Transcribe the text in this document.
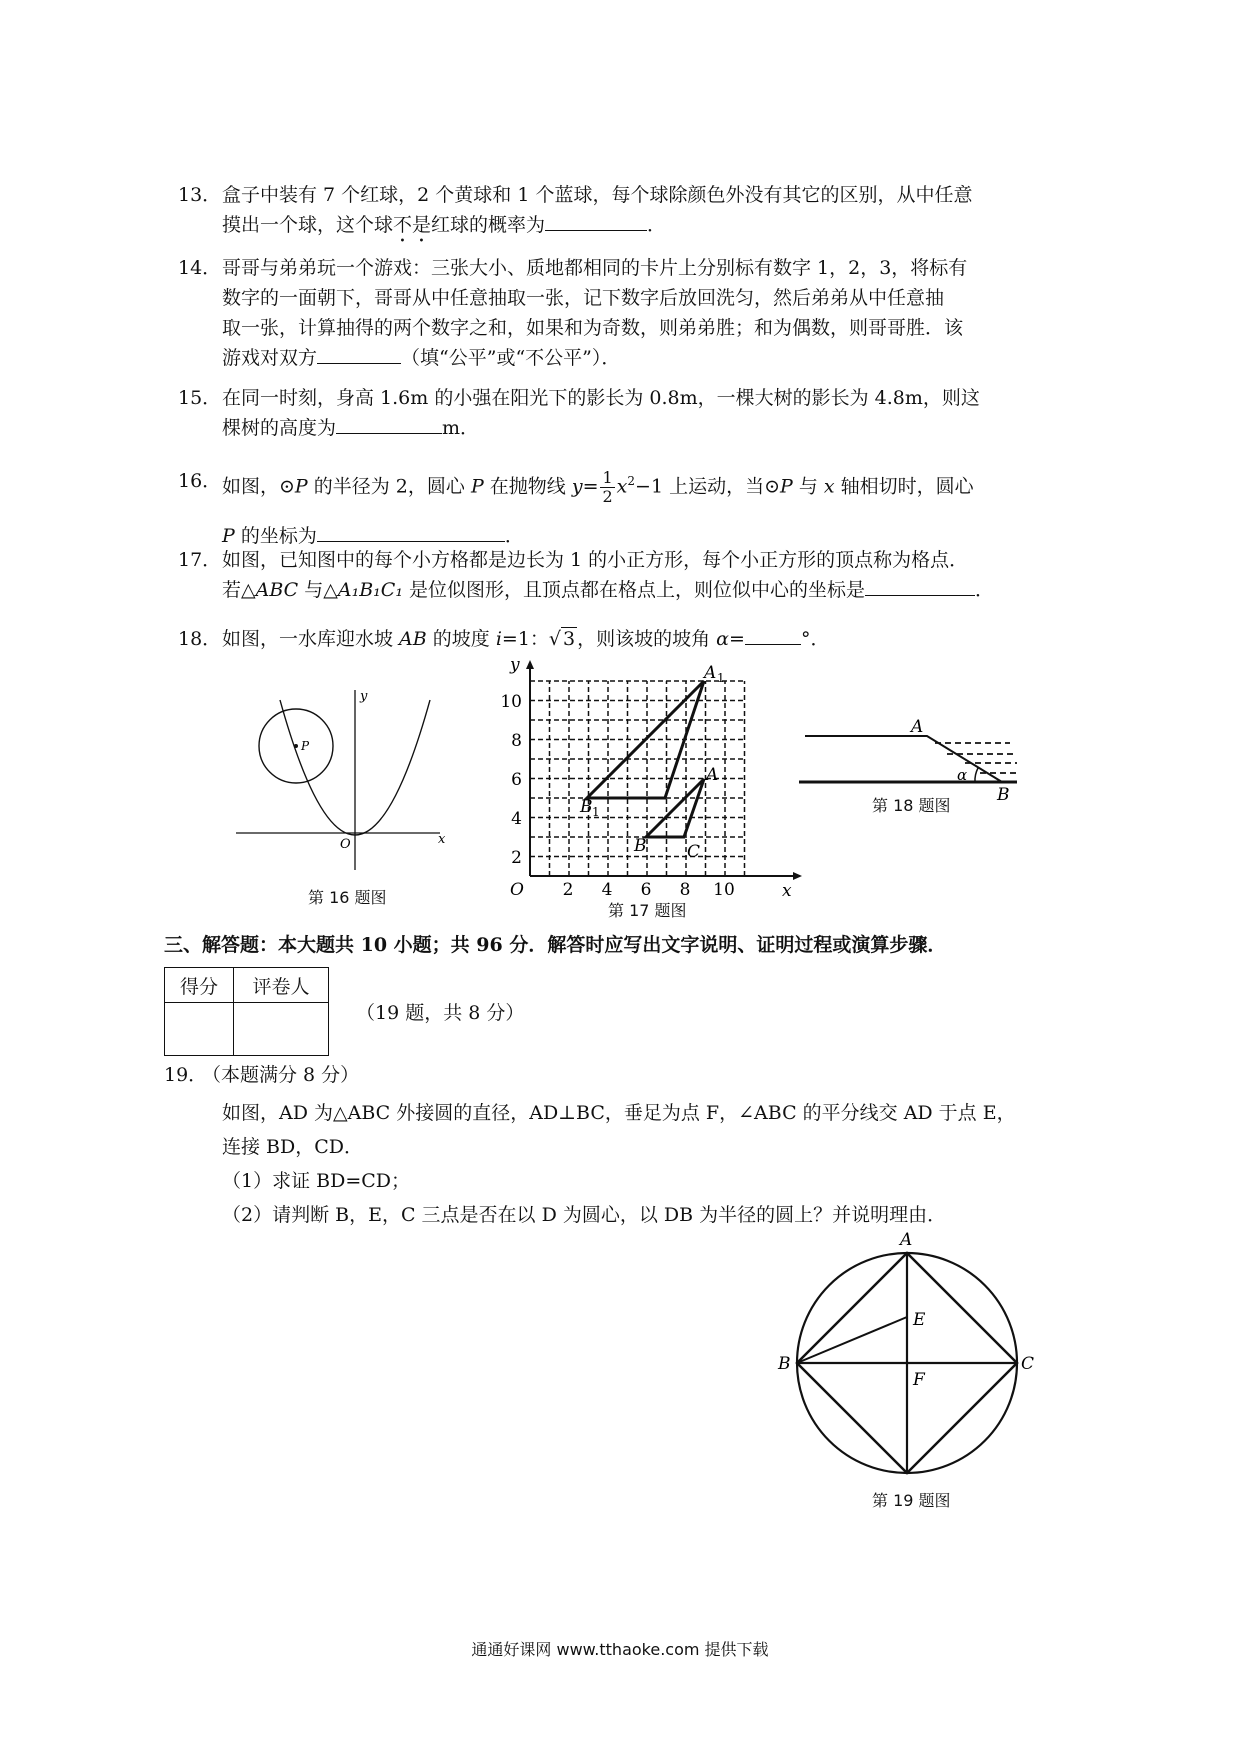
13． 盒子中装有 7 个红球，2 个黄球和 1 个蓝球，每个球除颜色外没有其它的区别，从中任意
摸出一个球，这个球不是红球的概率为	．
14． 哥哥与弟弟玩一个游戏：三张大小、质地都相同的卡片上分别标有数字 1，2，3，将标有
数字的一面朝下，哥哥从中任意抽取一张，记下数字后放回洗匀，然后弟弟从中任意抽
取一张，计算抽得的两个数字之和，如果和为奇数，则弟弟胜；和为偶数，则哥哥胜．该
游戏对双方	（填“公平”或“不公平”）．
15． 在同一时刻，身高 1.6m 的小强在阳光下的影长为 0.8m，一棵大树的影长为 4.8m，则这
棵树的高度为	m．
16． 如图，⊙P 的半径为 2，圆心 P 在抛物线 $y= \frac{1}{2} x^2-1$ 上运动，当⊙P 与 x 轴相切时，圆心
P 的坐标为	．
17． 如图，已知图中的每个小方格都是边长为 1 的小正方形，每个小正方形的顶点称为格点．
若△ABC 与△A₁B₁C₁ 是位似图形，且顶点都在格点上，则位似中心的坐标是	．
18． 如图，一水库迎水坡 AB 的坡度 i=1：√ 3 ，则该坡的坡角 α=	°．
y
x
O
P
第 16 题图
y
x
O 2 4 6 8 10
2
4
6
8
10
A 1
B 1
A
B C
第 17 题图
A
B
α
第 18 题图
三、解答题：本大题共 10 小题；共 96 分．解答时应写出文字说明、证明过程或演算步骤．
得分	评卷人

（19 题，共 8 分）
19．
（本题满分 8 分）
如图，AD 为△ABC 外接圆的直径，AD⊥BC，垂足为点 F，∠ABC 的平分线交 AD 于点 E，
连接 BD，CD．
（1）求证 BD=CD；
（2）请判断 B，E，C 三点是否在以 D 为圆心，以 DB 为半径的圆上？并说明理由．
A
B	C
E
F
第 19 题图
通通好课网 www.tthaoke.com 提供下载
